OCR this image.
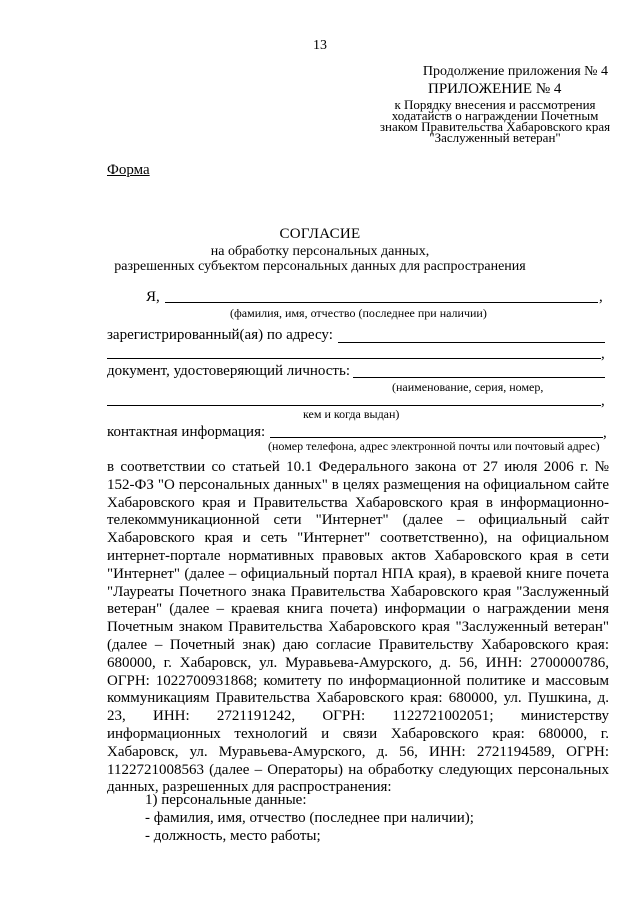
13
Продолжение приложения № 4
ПРИЛОЖЕНИЕ № 4
к Порядку внесения и рассмотрения
ходатайств о награждении Почетным
знаком Правительства Хабаровского края
"Заслуженный ветеран"
Форма
СОГЛАСИЕ
на обработку персональных данных,
разрешенных субъектом персональных данных для распространения
Я,	,
(фамилия, имя, отчество (последнее при наличии)
зарегистрированный(ая) по адресу:
,
документ, удостоверяющий личность:
(наименование, серия, номер,
,
кем и когда выдан)
контактная информация:	,
(номер телефона, адрес электронной почты или почтовый адрес)

в соответствии со статьей 10.1 Федерального закона от 27 июля 2006 г. № 152-ФЗ "О персональных данных" в целях размещения на официальном сайте Хабаровского края и Правительства Хабаровского края в информационно-телекоммуникационной сети "Интернет" (далее – официальный сайт Хабаровского края и сеть "Интернет" соответственно), на официальном интернет-портале нормативных правовых актов Хабаровского края в сети "Интернет" (далее – официальный портал НПА края), в краевой книге почета "Лауреаты Почетного знака Правительства Хабаровского края "Заслуженный ветеран" (далее – краевая книга почета) информации о награждении меня Почетным знаком Правительства Хабаровского края "Заслуженный ветеран" (далее – Почетный знак) даю согласие Правительству Хабаровского края: 680000, г. Хабаровск, ул. Муравьева-Амурского, д. 56, ИНН: 2700000786, ОГРН: 1022700931868; комитету по информационной политике и массовым коммуникациям Правительства Хабаровского края: 680000, ул. Пушкина, д. 23, ИНН: 2721191242, ОГРН: 1122721002051; министерству информационных технологий и связи Хабаровского края: 680000, г. Хабаровск, ул. Муравьева-Амурского, д. 56, ИНН: 2721194589, ОГРН: 1122721008563 (далее – Операторы) на обработку следующих персональных данных, разрешенных для распространения:

1) персональные данные:
- фамилия, имя, отчество (последнее при наличии);
- должность, место работы;
